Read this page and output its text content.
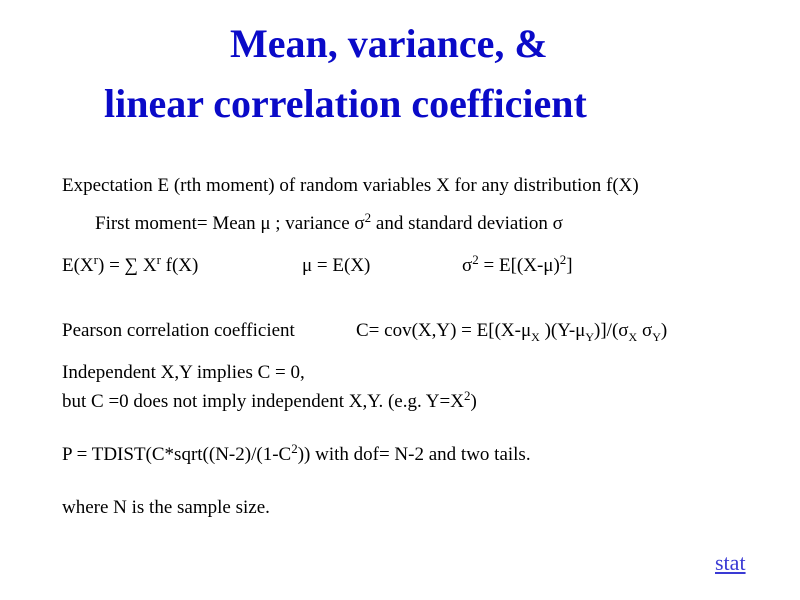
Mean, variance, &
linear correlation coefficient
Expectation E (rth moment) of random variables X for any distribution f(X)
First moment= Mean μ ; variance $\sigma^2$ and standard deviation σ
$E(X^r)$ = ∑ $X^r$ f(X)	μ = E(X)	$\sigma^2 = E[(X-\mu)^2]$
Pearson correlation coefficient	$C= cov(X,Y) = E[(X-\mu_X$ )$(Y-\mu_Y)]/(\sigma_X$ $\sigma_Y$)
Independent X,Y implies C = 0,
but C =0 does not imply independent X,Y. (e.g. $Y=X^2$)
$P = TDIST(C*sqrt((N-2)/(1-C^2))$ with dof= N-2 and two tails.
where N is the sample size.
stat
